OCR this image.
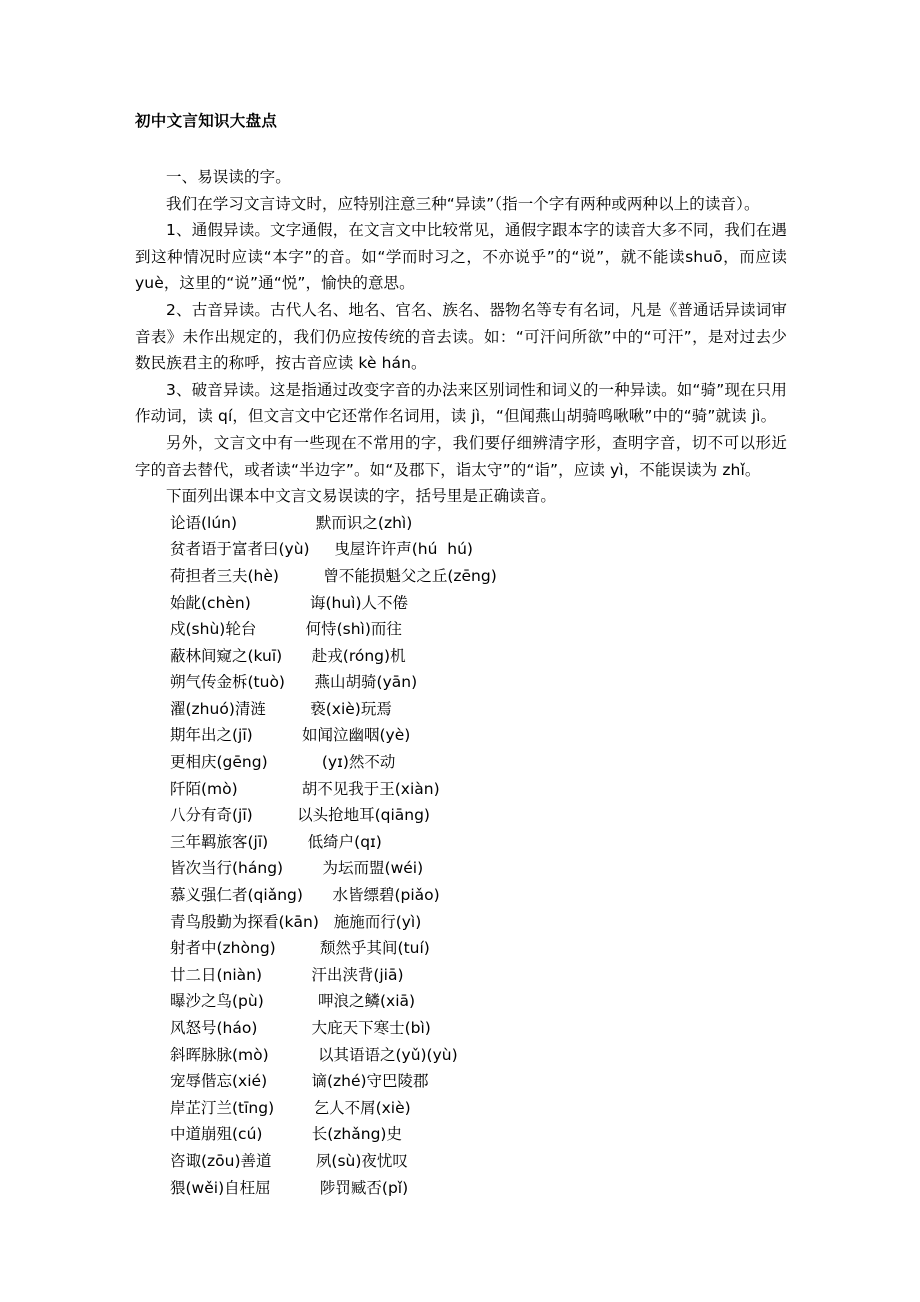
初中文言知识大盘点

一、易误读的字。

我们在学习文言诗文时，应特别注意三种“异读”（指一个字有两种或两种以上的读音）。

1、通假异读。文字通假，在文言文中比较常见，通假字跟本字的读音大多不同，我们在遇到这种情况时应读“本字”的音。如“学而时习之，不亦说乎”的“说”，就不能读shuō，而应读 yuè，这里的“说”通“悦”，愉快的意思。

2、古音异读。古代人名、地名、官名、族名、器物名等专有名词，凡是《普通话异读词审音表》未作出规定的，我们仍应按传统的音去读。如：“可汗问所欲”中的“可汗”，是对过去少数民族君主的称呼，按古音应读 kè hán。

3、破音异读。这是指通过改变字音的办法来区别词性和词义的一种异读。如“骑”现在只用作动词，读 qí，但文言文中它还常作名词用，读 jì，“但闻燕山胡骑鸣啾啾”中的“骑”就读 jì。

另外，文言文中有一些现在不常用的字，我们要仔细辨清字形，查明字音，切不可以形近字的音去替代，或者读“半边字”。如“及郡下，诣太守”的“诣”，应读 yì，不能误读为 zhǐ。

下面列出课本中文言文易误读的字，括号里是正确读音。

论语(lún)	默而识之(zhì)
贫者语于富者曰(yù) 曳屋许许声(hú  hú)
荷担者三夫(hè)	曾不能损魁父之丘(zēng)
始龀(chèn)	诲(huì)人不倦
戍(shù)轮台	何恃(shì)而往
蔽林间窥之(kuī) 赴戎(róng)机
朔气传金柝(tuò) 燕山胡骑(yān)
濯(zhuó)清涟	亵(xiè)玩焉
期年出之(jī)	如闻泣幽咽(yè)
更相庆(gēng)	(yɪ)然不动
阡陌(mò)	胡不见我于王(xiàn)
八分有奇(jī)	以头抢地耳(qiāng)
三年羁旅客(jī)	低绮户(qɪ)
皆次当行(háng)	为坛而盟(wéi)
慕义强仁者(qiǎng) 水皆缥碧(piǎo)
青鸟殷勤为探看(kān) 施施而行(yì)
射者中(zhòng)	颓然乎其间(tuí)
廿二日(niàn)	汗出浃背(jiā)
曝沙之鸟(pù)	呷浪之鳞(xiā)
风怒号(háo)	大庇天下寒士(bì)
斜晖脉脉(mò)	以其语语之(yǔ)(yù)
宠辱偕忘(xié)	谪(zhé)守巴陵郡
岸芷汀兰(tīng)	乞人不屑(xiè)
中道崩殂(cú)	长(zhǎng)史
咨诹(zōu)善道	夙(sù)夜忧叹
猥(wěi)自枉屈	陟罚臧否(pǐ)
